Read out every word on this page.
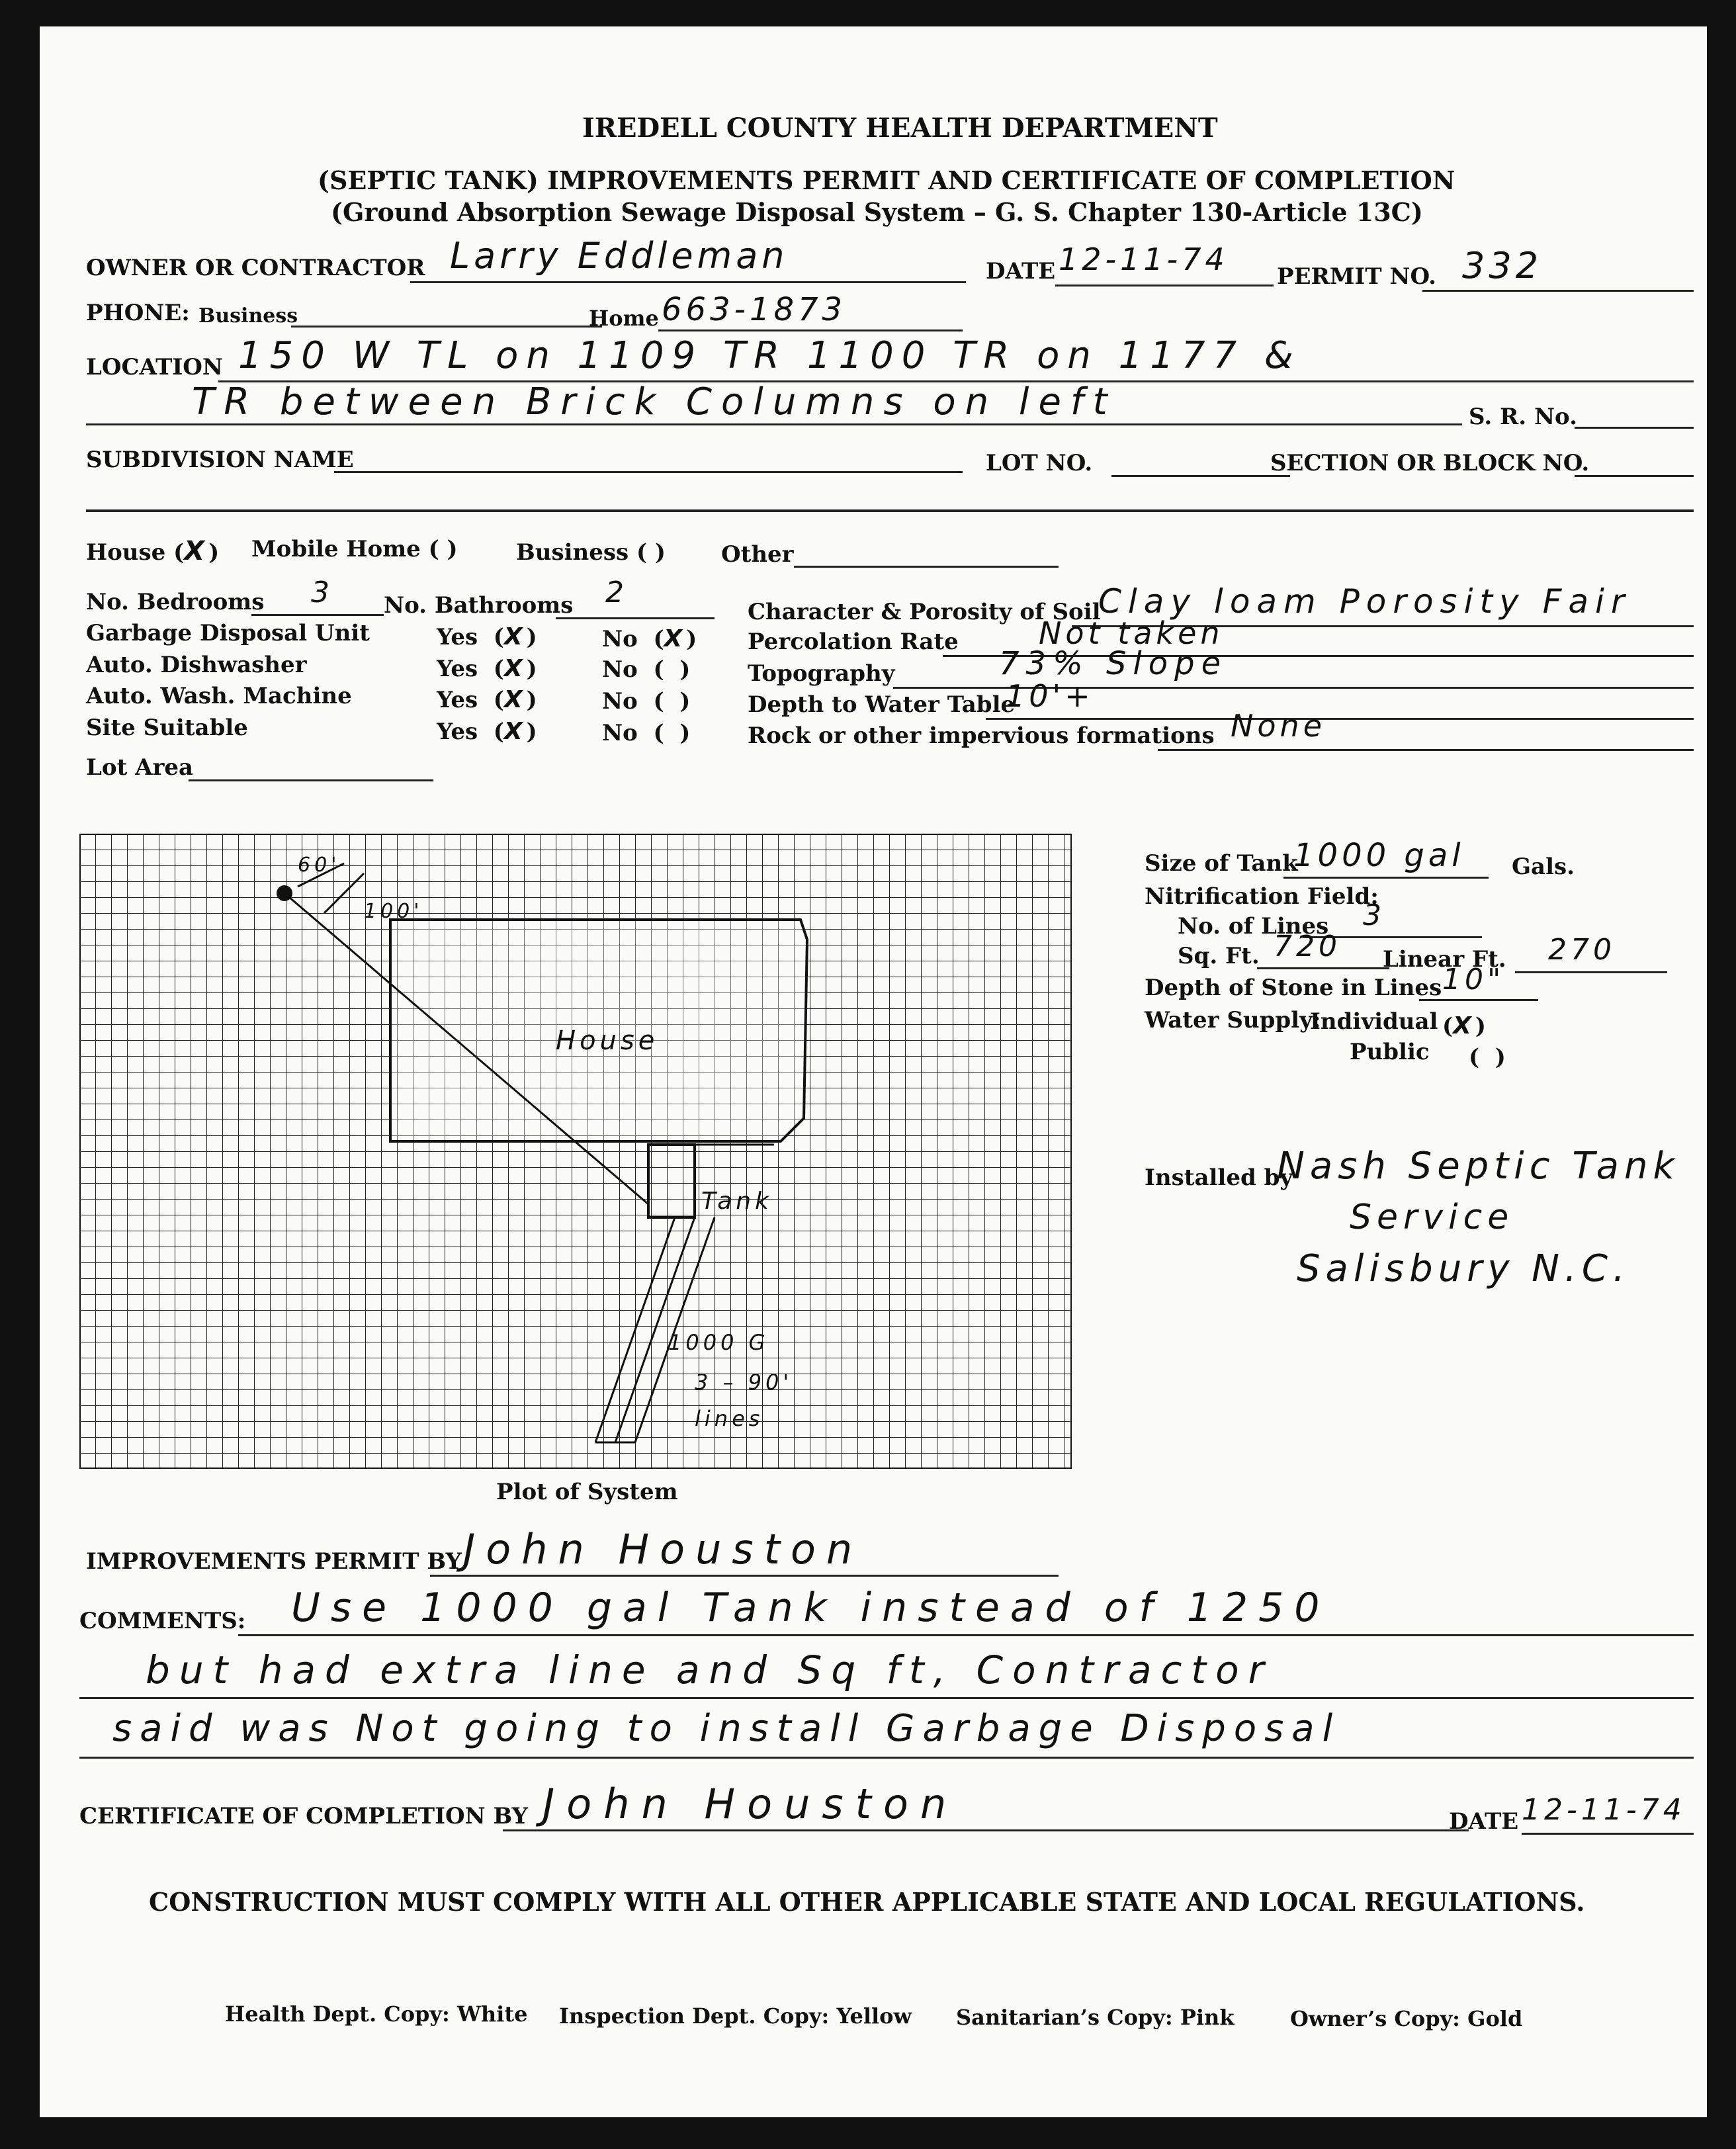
IREDELL COUNTY HEALTH DEPARTMENT
(SEPTIC TANK) IMPROVEMENTS PERMIT AND CERTIFICATE OF COMPLETION
(Ground Absorption Sewage Disposal System – G. S. Chapter 130-Article 13C)
OWNER OR CONTRACTOR Larry Eddleman	DATE 12-11-74 PERMIT NO. 332
PHONE: Business	Home 663-1873
LOCATION 150 W TL on 1109 TR 1100 TR on 1177 &
TR between Brick Columns on left	S. R. No.
SUBDIVISION NAME	LOT NO.	SECTION OR BLOCK NO.
House (X) Mobile Home ( )	Business ( ) Other
No. Bedrooms 3 No. Bathrooms 2
Garbage Disposal Unit	Yes  (X)	No  (X)
Auto. Dishwasher	Yes  (X)	No  (  )
Auto. Wash. Machine	Yes  (X)	No  (  )
Site Suitable	Yes  (X)	No  (  )
Lot Area
Character & Porosity of Soil
Clay loam Porosity Fair
Percolation Rate	Not taken
Topography	73% Slope
Depth to Water Table
10'+
Rock or other impervious formations None
House
Tank
60'
100'
1000 G
3 – 90'
lines
Plot of System
Size of Tank
1000 gal Gals.
Nitrification Field:
No. of Lines 3
Sq. Ft. 720 Linear Ft. 270
Depth of Stone in Lines 10"
Water Supply:
Individual (X)
Public (  )
Installed by
Nash Septic Tank
Service
Salisbury N.C.
IMPROVEMENTS PERMIT BY John Houston
COMMENTS: Use 1000 gal Tank instead of 1250
but had extra line and Sq ft, Contractor
said was Not going to install Garbage Disposal
CERTIFICATE OF COMPLETION BY John Houston	DATE 12-11-74
CONSTRUCTION MUST COMPLY WITH ALL OTHER APPLICABLE STATE AND LOCAL REGULATIONS.
Health Dept. Copy: White Inspection Dept. Copy: Yellow Sanitarian’s Copy: Pink	Owner’s Copy: Gold
